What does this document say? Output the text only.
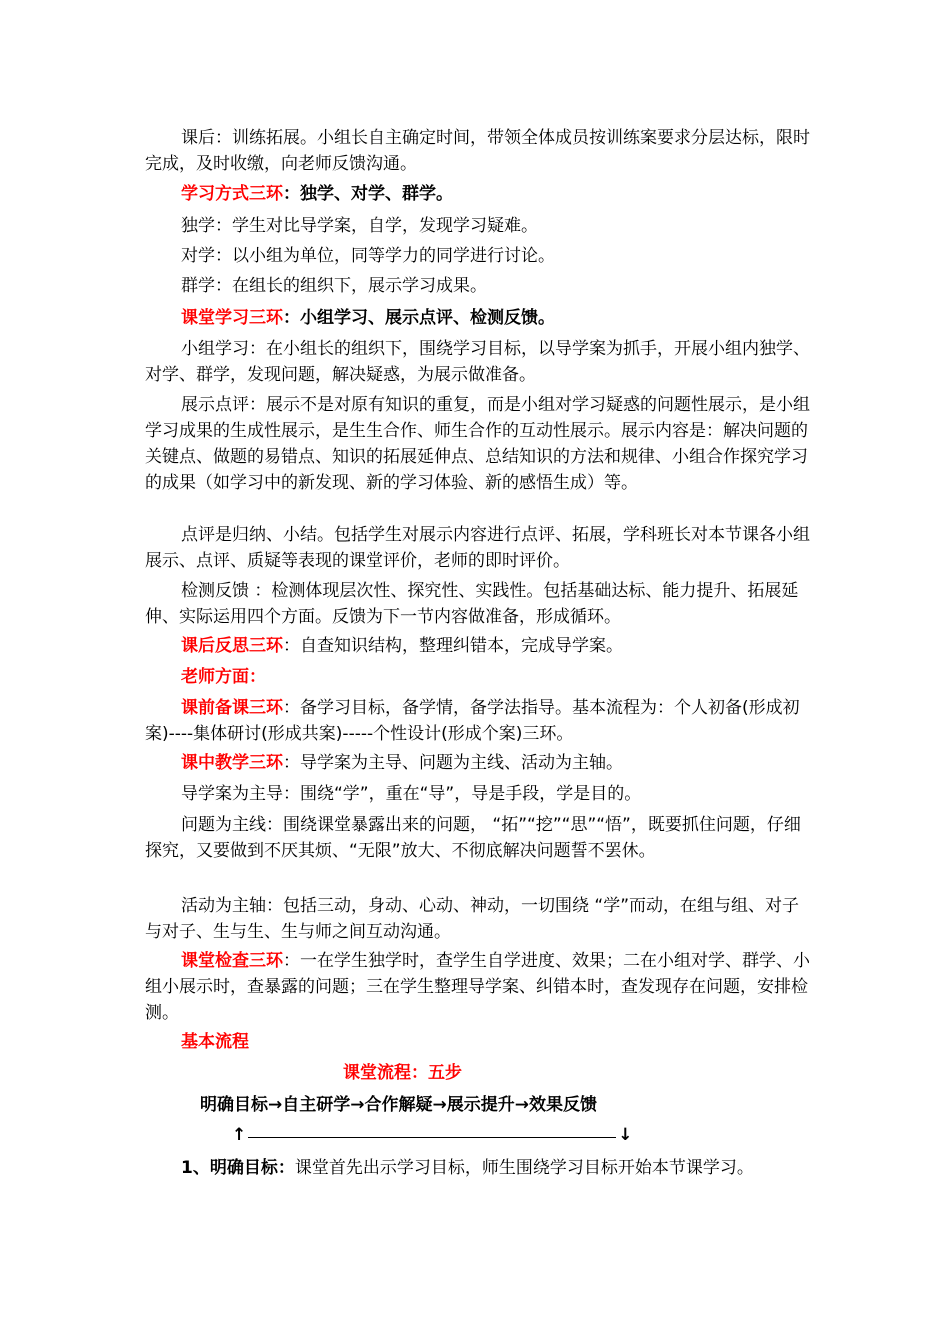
课后：训练拓展。小组长自主确定时间，带领全体成员按训练案要求分层达标，限时完成，及时收缴，向老师反馈沟通。

学习方式三环：独学、对学、群学。

独学：学生对比导学案，自学，发现学习疑难。

对学：以小组为单位，同等学力的同学进行讨论。

群学：在组长的组织下，展示学习成果。

课堂学习三环：小组学习、展示点评、检测反馈。

小组学习：在小组长的组织下，围绕学习目标，以导学案为抓手，开展小组内独学、对学、群学，发现问题，解决疑惑，为展示做准备。

展示点评：展示不是对原有知识的重复，而是小组对学习疑惑的问题性展示，是小组学习成果的生成性展示，是生生合作、师生合作的互动性展示。展示内容是：解决问题的关键点、做题的易错点、知识的拓展延伸点、总结知识的方法和规律、小组合作探究学习的成果（如学习中的新发现、新的学习体验、新的感悟生成）等。

点评是归纳、小结。包括学生对展示内容进行点评、拓展，学科班长对本节课各小组展示、点评、质疑等表现的课堂评价，老师的即时评价。

检测反馈 ：检测体现层次性、探究性、实践性。包括基础达标、能力提升、拓展延伸、实际运用四个方面。反馈为下一节内容做准备，形成循环。

课后反思三环：自查知识结构，整理纠错本，完成导学案。

老师方面：

课前备课三环：备学习目标，备学情，备学法指导。基本流程为：个人初备(形成初案)----集体研讨(形成共案)-----个性设计(形成个案)三环。

课中教学三环：导学案为主导、问题为主线、活动为主轴。

导学案为主导：围绕“学”，重在“导”，导是手段，学是目的。

问题为主线：围绕课堂暴露出来的问题， “拓”“挖”“思”“悟”，既要抓住问题，仔细探究，又要做到不厌其烦、“无限”放大、不彻底解决问题誓不罢休。

活动为主轴：包括三动，身动、心动、神动，一切围绕 “学”而动，在组与组、对子与对子、生与生、生与师之间互动沟通。

课堂检查三环：一在学生独学时，查学生自学进度、效果；二在小组对学、群学、小组小展示时，查暴露的问题；三在学生整理导学案、纠错本时，查发现存在问题，安排检测。

基本流程

课堂流程：五步

明确目标→自主研学→合作解疑→展示提升→效果反馈

↑	↓

1、明确目标：课堂首先出示学习目标，师生围绕学习目标开始本节课学习。
